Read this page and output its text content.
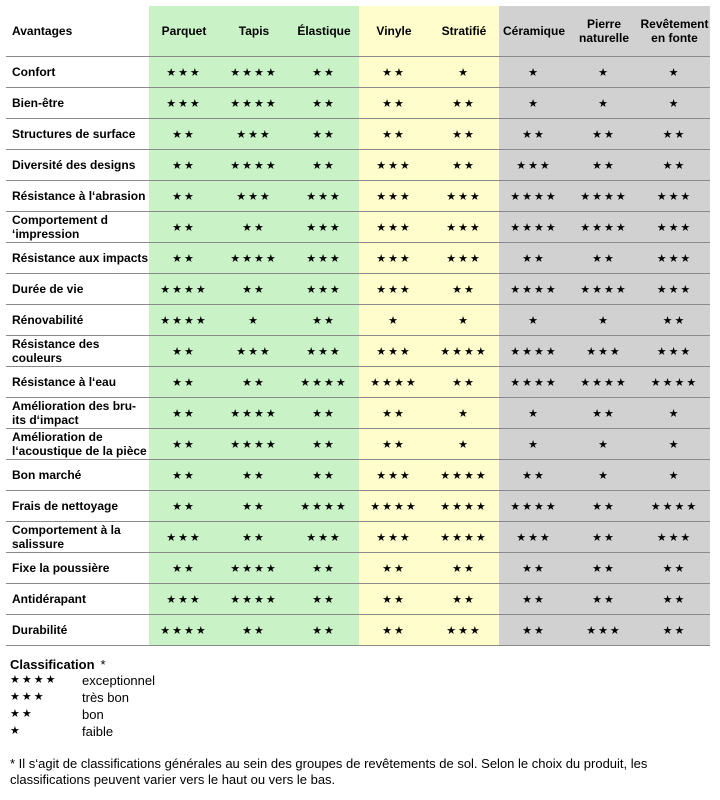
Avantages	Parquet	Tapis	Élastique	Vinyle	Stratifié	Céramique	Pierre naturelle	Revêtement en fonte
Confort	★★★	★★★★	★★	★★	★	★	★	★
Bien-être	★★★	★★★★	★★	★★	★★	★	★	★
Structures de surface	★★	★★★	★★	★★	★★	★★	★★	★★
Diversité des designs	★★	★★★★	★★	★★★	★★	★★★	★★	★★
Résistance à l‘abrasion	★★	★★★	★★★	★★★	★★★	★★★★	★★★★	★★★
Comportement d ‘impression	★★	★★	★★★	★★★	★★★	★★★★	★★★★	★★★
Résistance aux impacts	★★	★★★★	★★★	★★★	★★★	★★	★★	★★★
Durée de vie	★★★★	★★	★★★	★★★	★★	★★★★	★★★★	★★★
Rénovabilité	★★★★	★	★★	★	★	★	★	★★
Résistance des couleurs	★★	★★★	★★★	★★★	★★★★	★★★★	★★★	★★★
Résistance à l‘eau	★★	★★	★★★★	★★★★	★★	★★★★	★★★★	★★★★
Amélioration des bru-its d‘impact	★★	★★★★	★★	★★	★	★	★★	★
Amélioration de l‘acoustique de la pièce	★★	★★★★	★★	★★	★	★	★	★
Bon marché	★★	★★	★★	★★★	★★★★	★★	★	★
Frais de nettoyage	★★	★★	★★★★	★★★★	★★★★	★★★★	★★	★★★★
Comportement à la salissure	★★★	★★	★★★	★★★	★★★★	★★★	★★	★★★
Fixe la poussière	★★	★★★★	★★	★★	★★	★★	★★	★★
Antidérapant	★★★	★★★★	★★	★★	★★	★★	★★	★★
Durabilité	★★★★	★★	★★	★★	★★★	★★	★★★	★★
Classification *
★★★★	exceptionnel
★★★	très bon
★★	bon
★	faible
* Il s‘agit de classifications générales au sein des groupes de revêtements de sol. Selon le choix du produit, les classifications peuvent varier vers le haut ou vers le bas.
